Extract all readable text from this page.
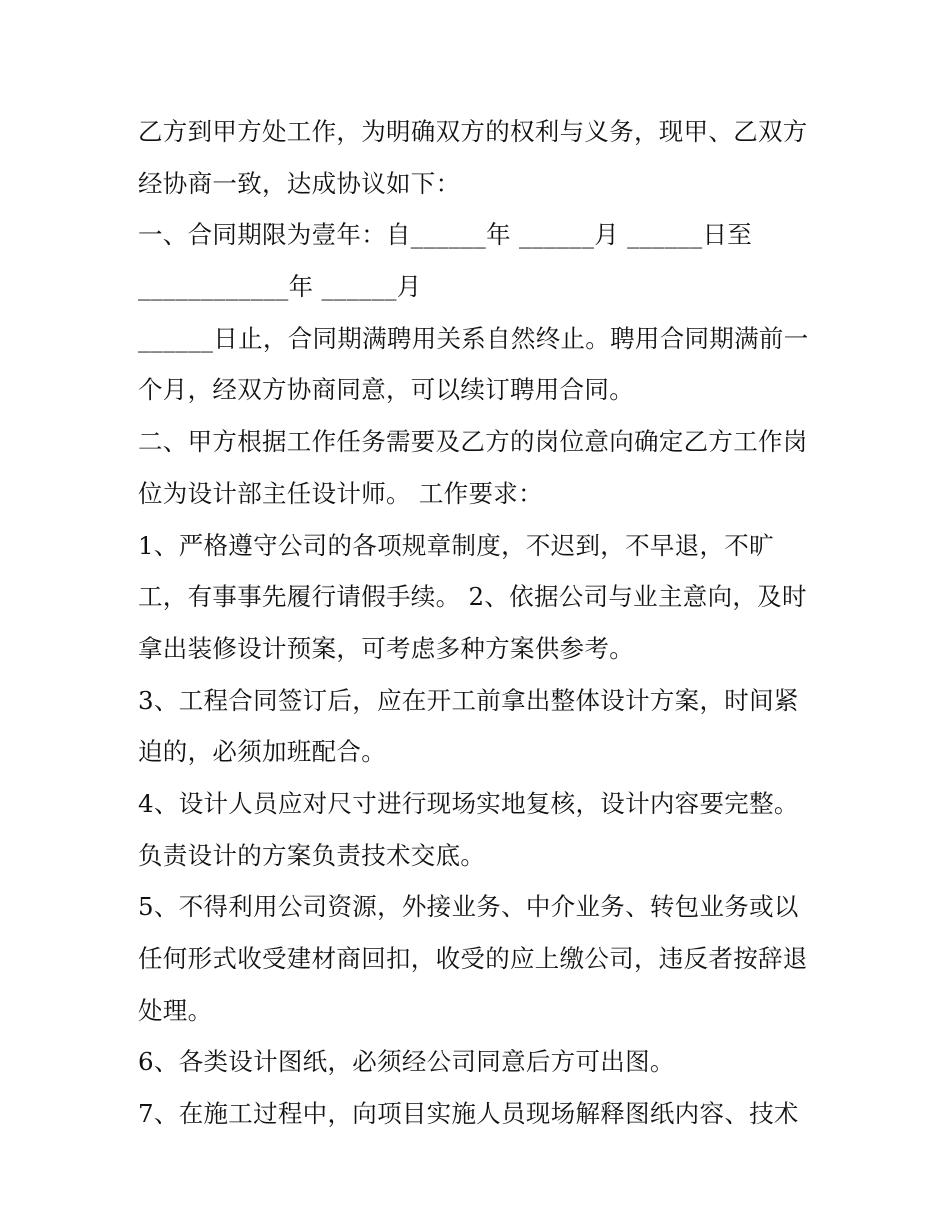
乙方到甲方处工作，为明确双方的权利与义务，现甲、乙双方
经协商一致，达成协议如下：
一、合同期限为壹年：自______年 ______月 ______日至
____________年 ______月
______日止，合同期满聘用关系自然终止。聘用合同期满前一
个月，经双方协商同意，可以续订聘用合同。
二、甲方根据工作任务需要及乙方的岗位意向确定乙方工作岗
位为设计部主任设计师。 工作要求：
1、严格遵守公司的各项规章制度，不迟到，不早退，不旷
工，有事事先履行请假手续。 2、依据公司与业主意向，及时
拿出装修设计预案，可考虑多种方案供参考。
3、工程合同签订后，应在开工前拿出整体设计方案，时间紧
迫的，必须加班配合。
4、设计人员应对尺寸进行现场实地复核，设计内容要完整。
负责设计的方案负责技术交底。
5、不得利用公司资源，外接业务、中介业务、转包业务或以
任何形式收受建材商回扣，收受的应上缴公司，违反者按辞退
处理。
6、各类设计图纸，必须经公司同意后方可出图。
7、在施工过程中，向项目实施人员现场解释图纸内容、技术
